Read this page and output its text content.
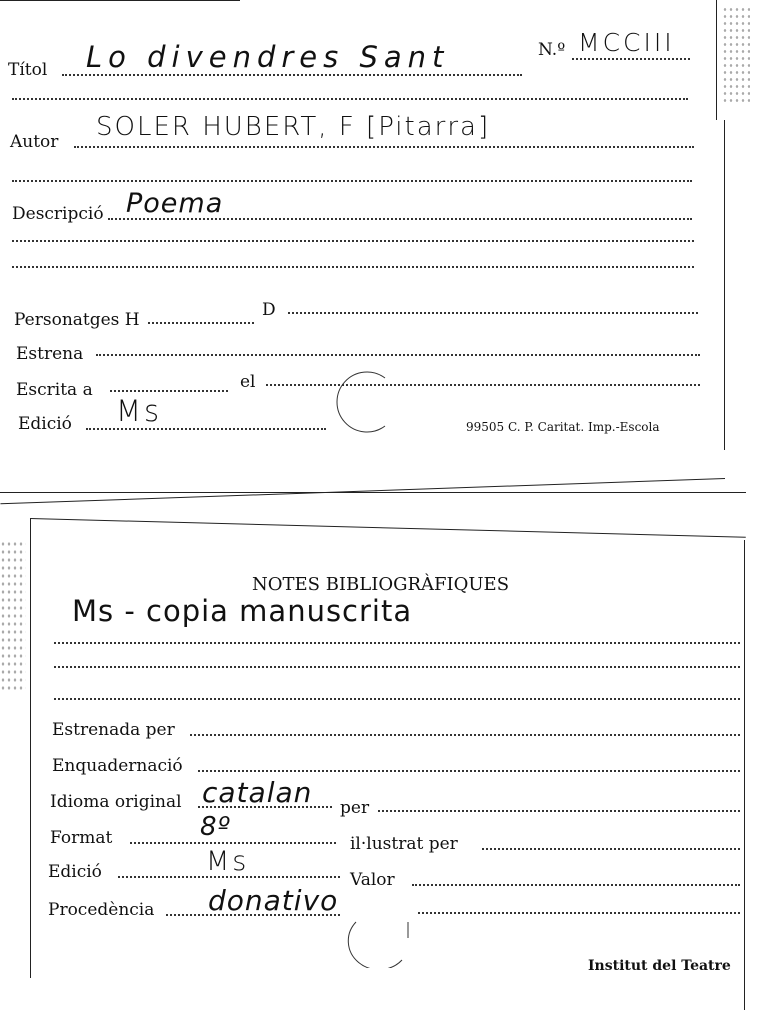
Títol Lo divendres Sant	N.º MCCIII
Autor SOLER HUBERT, F [Pitarra]
Descripció Poema
Personatges H	D
Estrena
Escrita a	el
Edició Ms	99505 C. P. Caritat. Imp.-Escola
NOTES BIBLIOGRÀFIQUES
Ms - copia manuscrita
Estrenada per
Enquadernació
Idioma original catalan per
Format	8º
il·lustrat per
Edició	Ms
Valor
Procedència donativo
Institut del Teatre
